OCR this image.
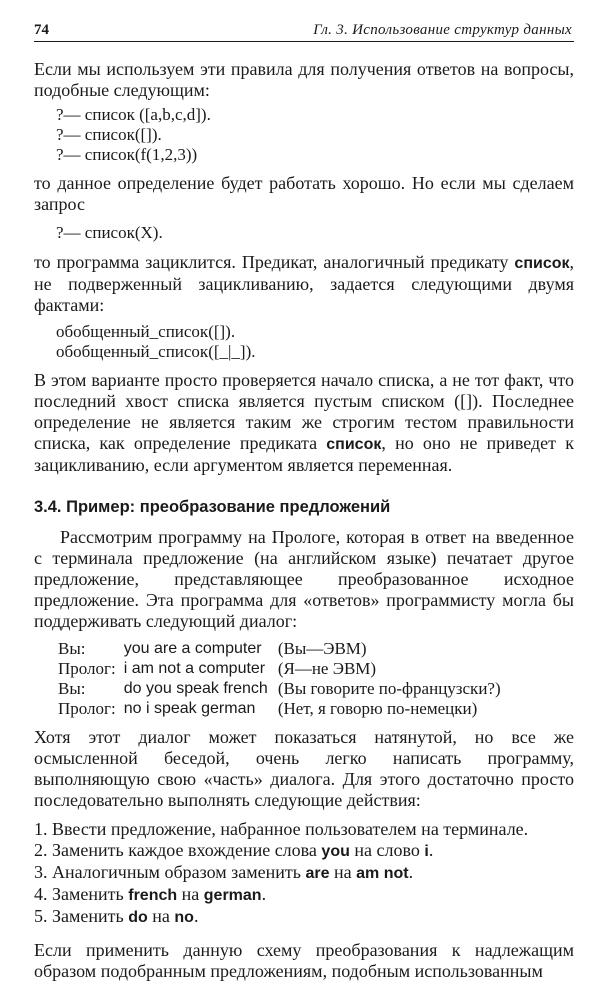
74	Гл. 3. Использование структур данных

Если мы используем эти правила для получения ответов на вопросы, подобные следующим:

?— список ([a,b,c,d]).
?— список([]).
?— список(f(1,2,3))

то данное определение будет работать хорошо. Но если мы сделаем запрос

?— список(X).

то программа зациклится. Предикат, аналогичный предикату список, не подверженный зацикливанию, задается следующими двумя фактами:

обобщенный_список([]).
обобщенный_список([_|_]).

В этом варианте просто проверяется начало списка, а не тот факт, что последний хвост списка является пустым списком ([]). Последнее определение не является таким же строгим тестом правильности списка, как определение предиката список, но оно не приведет к зацикливанию, если аргументом является переменная.

3.4. Пример: преобразование предложений

Рассмотрим программу на Прологе, которая в ответ на введенное с терминала предложение (на английском языке) печатает другое предложение, представляющее преобразованное исходное предложение. Эта программа для «ответов» программисту могла бы поддерживать следующий диалог:

Вы:	you are a computer	(Вы—ЭВМ)
Пролог:	i am not a computer	(Я—не ЭВМ)
Вы:	do you speak french	(Вы говорите по-французски?)
Пролог:	no i speak german	(Нет, я говорю по-немецки)

Хотя этот диалог может показаться натянутой, но все же осмысленной беседой, очень легко написать программу, выполняющую свою «часть» диалога. Для этого достаточно просто последовательно выполнять следующие действия:

1. Ввести предложение, набранное пользователем на терминале.
2. Заменить каждое вхождение слова you на слово i.
3. Аналогичным образом заменить are на am not.
4. Заменить french на german.
5. Заменить do на no.

Если применить данную схему преобразования к надлежащим образом подобранным предложениям, подобным использованным
